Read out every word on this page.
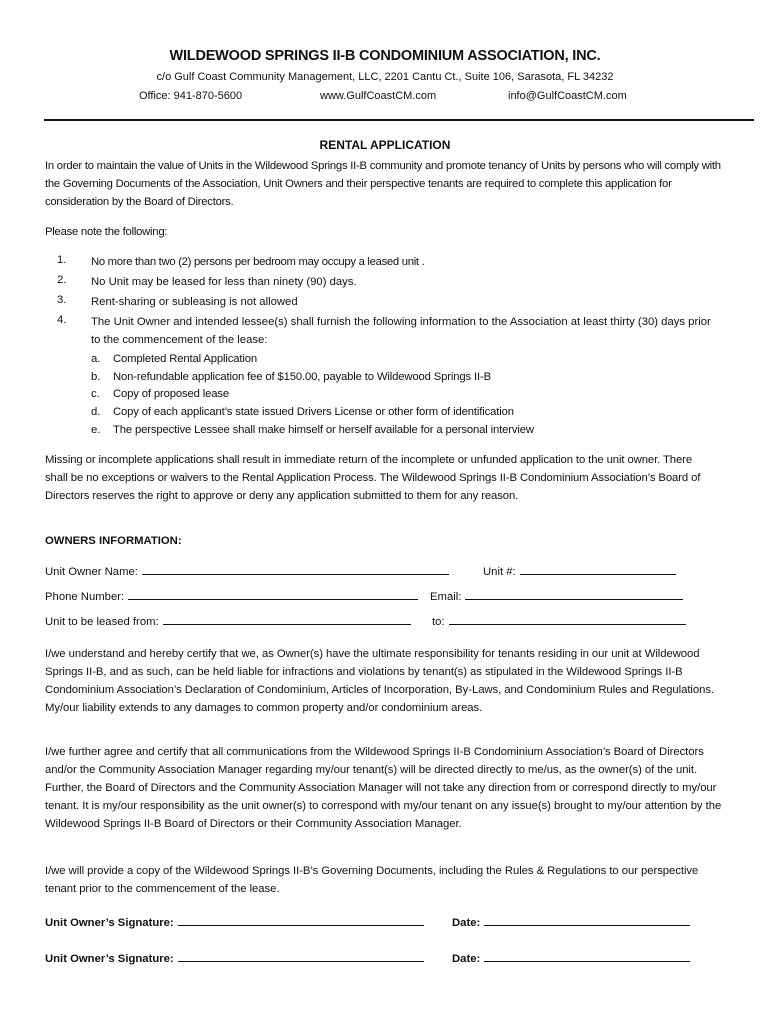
WILDEWOOD SPRINGS II-B CONDOMINIUM ASSOCIATION, INC.
c/o Gulf Coast Community Management, LLC, 2201 Cantu Ct., Suite 106, Sarasota, FL 34232
Office: 941-870-5600	www.GulfCoastCM.com	info@GulfCoastCM.com
RENTAL APPLICATION
In order to maintain the value of Units in the Wildewood Springs II-B community and promote tenancy of Units by persons who will comply with the Governing Documents of the Association, Unit Owners and their perspective tenants are required to complete this application for consideration by the Board of Directors.
Please note the following:
1. No more than two (2) persons per bedroom may occupy a leased unit .
2. No Unit may be leased for less than ninety (90) days.
3. Rent-sharing or subleasing is not allowed
4. The Unit Owner and intended lessee(s) shall furnish the following information to the Association at least thirty (30) days prior to the commencement of the lease:
a. Completed Rental Application
b. Non-refundable application fee of $150.00, payable to Wildewood Springs II-B
c. Copy of proposed lease
d. Copy of each applicant’s state issued Drivers License or other form of identification
e. The perspective Lessee shall make himself or herself available for a personal interview
Missing or incomplete applications shall result in immediate return of the incomplete or unfunded application to the unit owner. There shall be no exceptions or waivers to the Rental Application Process. The Wildewood Springs II-B Condominium Association’s Board of Directors reserves the right to approve or deny any application submitted to them for any reason.
OWNERS INFORMATION:
Unit Owner Name:	Unit #:
Phone Number:	Email:
Unit to be leased from:	to:
I/we understand and hereby certify that we, as Owner(s) have the ultimate responsibility for tenants residing in our unit at Wildewood Springs II-B, and as such, can be held liable for infractions and violations by tenant(s) as stipulated in the Wildewood Springs II-B Condominium Association’s Declaration of Condominium, Articles of Incorporation, By-Laws, and Condominium Rules and Regulations. My/our liability extends to any damages to common property and/or condominium areas.
I/we further agree and certify that all communications from the Wildewood Springs II-B Condominium Association’s Board of Directors and/or the Community Association Manager regarding my/our tenant(s) will be directed directly to me/us, as the owner(s) of the unit. Further, the Board of Directors and the Community Association Manager will not take any direction from or correspond directly to my/our tenant. It is my/our responsibility as the unit owner(s) to correspond with my/our tenant on any issue(s) brought to my/our attention by the Wildewood Springs II-B Board of Directors or their Community Association Manager.
I/we will provide a copy of the Wildewood Springs II-B’s Governing Documents, including the Rules & Regulations to our perspective tenant prior to the commencement of the lease.
Unit Owner’s Signature:	Date:
Unit Owner’s Signature:	Date:
